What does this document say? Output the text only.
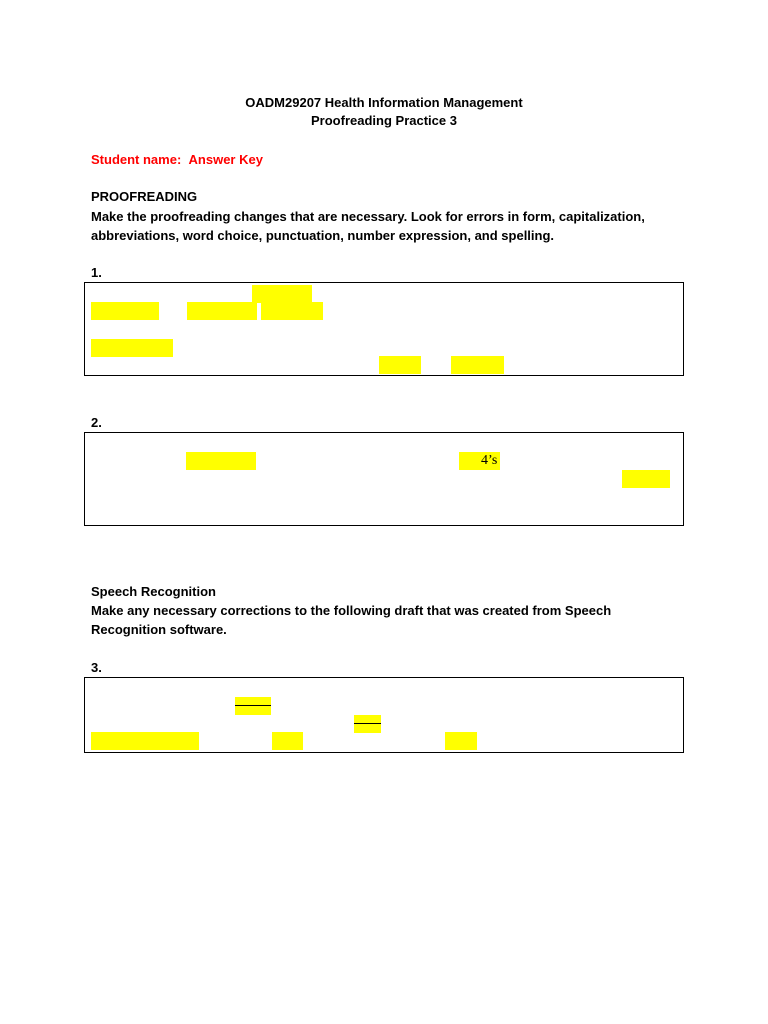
OADM29207 Health Information Management
Proofreading Practice 3
Student name: Answer Key
PROOFREADING
Make the proofreading changes that are necessary. Look for errors in form, capitalization,
abbreviations, word choice, punctuation, number expression, and spelling.
1.
2.
4’s
Speech Recognition
Make any necessary corrections to the following draft that was created from Speech
Recognition software.
3.
